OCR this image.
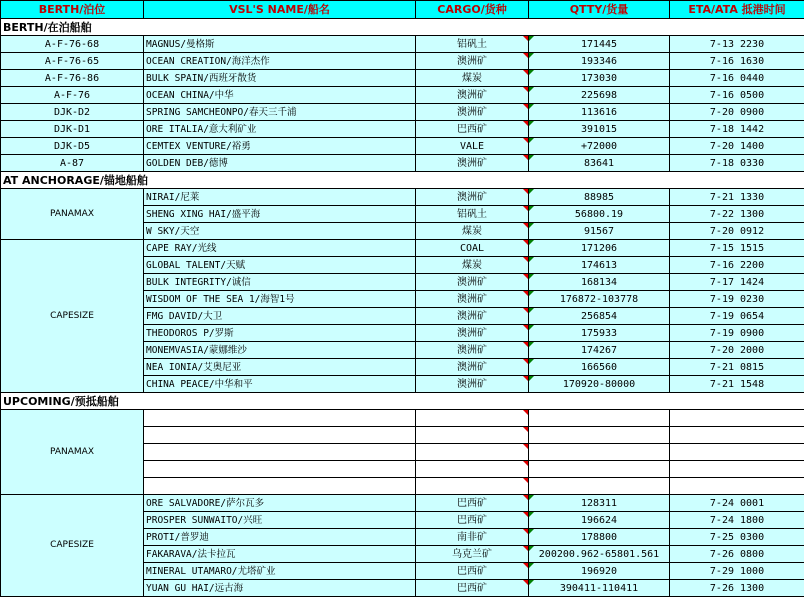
BERTH/泊位	VSL'S NAME/船名	CARGO/货种	QTTY/货量	ETA/ATA 抵港时间
BERTH/在泊船舶				
A-F-76-68	MAGNUS/曼格斯	铝矾土	171445	7-13 2230
A-F-76-65	OCEAN CREATION/海洋杰作	澳洲矿	193346	7-16 1630
A-F-76-86	BULK SPAIN/西班牙散货	煤炭	173030	7-16 0440
A-F-76	OCEAN CHINA/中华	澳洲矿	225698	7-16 0500
DJK-D2	SPRING SAMCHEONPO/春天三千浦	澳洲矿	113616	7-20 0900
DJK-D1	ORE ITALIA/意大利矿业	巴西矿	391015	7-18 1442
DJK-D5	CEMTEX VENTURE/裕勇	VALE	+72000	7-20 1400
A-87	GOLDEN DEB/德博	澳洲矿	83641	7-18 0330
AT ANCHORAGE/锚地船舶				
PANAMAX	NIRAI/尼莱	澳洲矿	88985	7-21 1330
	SHENG XING HAI/盛平海	铝矾土	56800.19	7-22 1300
	W SKY/天空	煤炭	91567	7-20 0912
CAPESIZE	CAPE RAY/光线	COAL	171206	7-15 1515
	GLOBAL TALENT/天赋	煤炭	174613	7-16 2200
	BULK INTEGRITY/诚信	澳洲矿	168134	7-17 1424
	WISDOM OF THE SEA 1/海智1号	澳洲矿	176872-103778	7-19 0230
	FMG DAVID/大卫	澳洲矿	256854	7-19 0654
	THEODOROS P/罗斯	澳洲矿	175933	7-19 0900
	MONEMVASIA/蒙娜维沙	澳洲矿	174267	7-20 2000
	NEA IONIA/艾奥尼亚	澳洲矿	166560	7-21 0815
	CHINA PEACE/中华和平	澳洲矿	170920-80000	7-21 1548
UPCOMING/预抵船舶				
PANAMAX				

CAPESIZE	ORE SALVADORE/萨尔瓦多	巴西矿	128311	7-24 0001
	PROSPER SUNWAITO/兴旺	巴西矿	196624	7-24 1800
	PROTI/普罗迪	南非矿	178800	7-25 0300
	FAKARAVA/法卡拉瓦	乌克兰矿	200200.962-65801.561	7-26 0800
	MINERAL UTAMARO/尤塔矿业	巴西矿	196920	7-29 1000
	YUAN GU HAI/远古海	巴西矿	390411-110411	7-26 1300
